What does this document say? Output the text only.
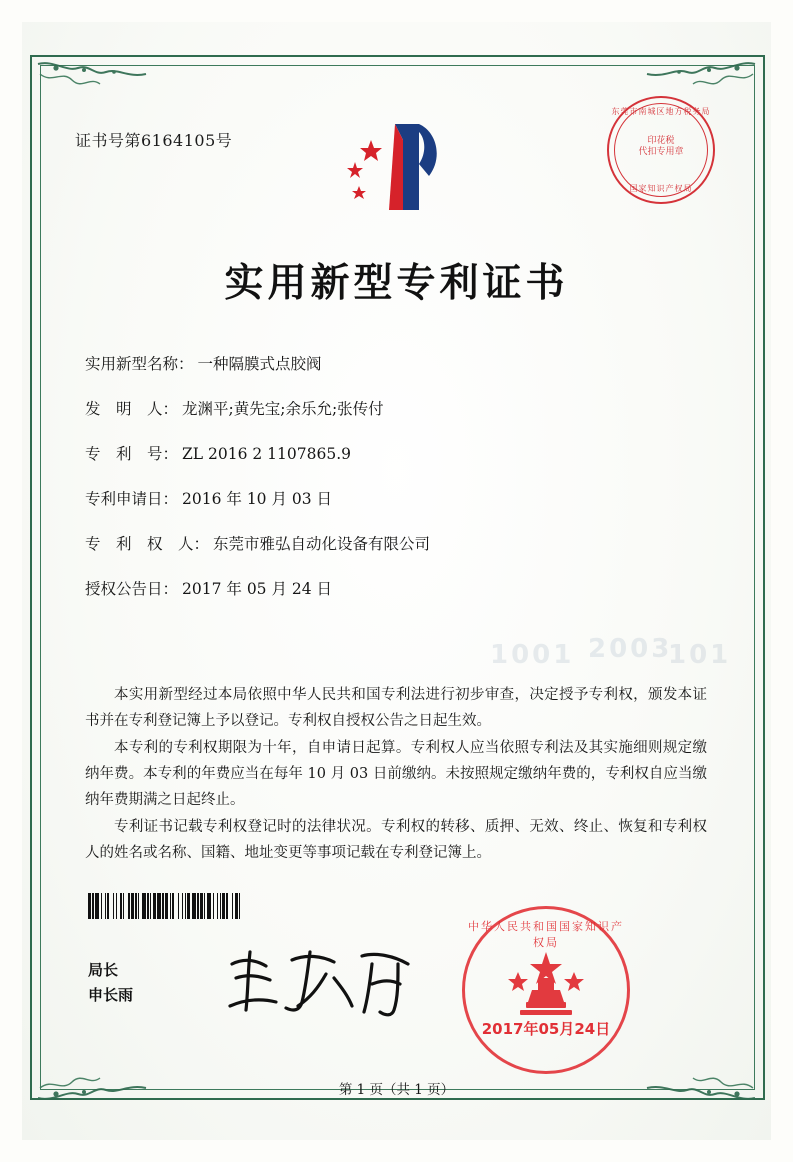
1001 2003
101
证书号第6164105号
东莞市南城区地方税务局
印花税
代扣专用章
国家知识产权局
实用新型专利证书
实用新型名称： 一种隔膜式点胶阀
发　明　人： 龙渊平;黄先宝;余乐允;张传付
专　利　号： ZL 2016 2 1107865.9
专利申请日： 2016 年 10 月 03 日
专　利　权　人： 东莞市雅弘自动化设备有限公司
授权公告日： 2017 年 05 月 24 日

本实用新型经过本局依照中华人民共和国专利法进行初步审查，决定授予专利权，颁发本证书并在专利登记簿上予以登记。专利权自授权公告之日起生效。

本专利的专利权期限为十年，自申请日起算。专利权人应当依照专利法及其实施细则规定缴纳年费。本专利的年费应当在每年 10 月 03 日前缴纳。未按照规定缴纳年费的，专利权自应当缴纳年费期满之日起终止。

专利证书记载专利权登记时的法律状况。专利权的转移、质押、无效、终止、恢复和专利权人的姓名或名称、国籍、地址变更等事项记载在专利登记簿上。

局长
申长雨
中华人民共和国国家知识产权局
2017年05月24日
第 1 页（共 1 页）
